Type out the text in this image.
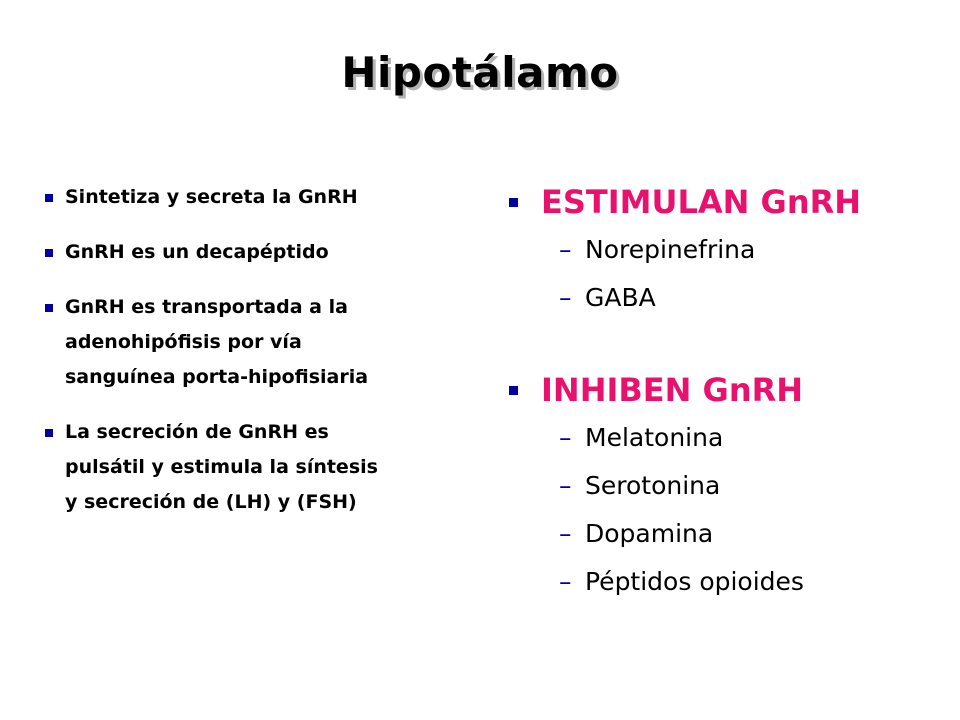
Hipotálamo
Sintetiza y secreta la GnRH
GnRH es un decapéptido
GnRH es transportada a la
adenohipófisis por vía
sanguínea porta-hipofisiaria
La secreción de GnRH es
pulsátil y estimula la síntesis
y secreción de (LH) y (FSH)
ESTIMULAN GnRH
– Norepinefrina
– GABA
INHIBEN GnRH
– Melatonina
– Serotonina
– Dopamina
– Péptidos opioides
